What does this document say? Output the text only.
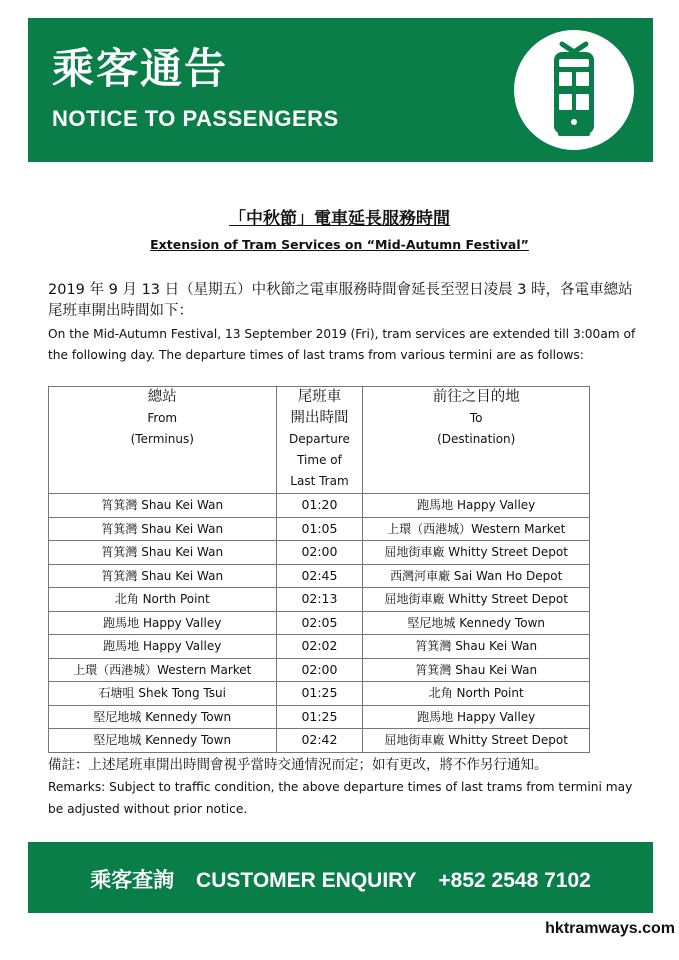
乘客通告
NOTICE TO PASSENGERS
「中秋節」電車延長服務時間
Extension of Tram Services on “Mid-Autumn Festival”
2019 年 9 月 13 日（星期五）中秋節之電車服務時間會延長至翌日凌晨 3 時，各電車總站尾班車開出時間如下：
On the Mid-Autumn Festival, 13 September 2019 (Fri), tram services are extended till 3:00am of the following day. The departure times of last trams from various termini are as follows:
總站
From
(Terminus)	尾班車
開出時間
Departure
Time of
Last Tram	前往之目的地
To
(Destination)

筲箕灣 Shau Kei Wan	01:20	跑馬地 Happy Valley
筲箕灣 Shau Kei Wan	01:05	上環（西港城）Western Market
筲箕灣 Shau Kei Wan	02:00	屈地街車廠 Whitty Street Depot
筲箕灣 Shau Kei Wan	02:45	西灣河車廠 Sai Wan Ho Depot
北角 North Point	02:13	屈地街車廠 Whitty Street Depot
跑馬地 Happy Valley	02:05	堅尼地城 Kennedy Town
跑馬地 Happy Valley	02:02	筲箕灣 Shau Kei Wan
上環（西港城）Western Market	02:00	筲箕灣 Shau Kei Wan
石塘咀 Shek Tong Tsui	01:25	北角 North Point
堅尼地城 Kennedy Town	01:25	跑馬地 Happy Valley
堅尼地城 Kennedy Town	02:42	屈地街車廠 Whitty Street Depot
備註：上述尾班車開出時間會視乎當時交通情況而定；如有更改，將不作另行通知。
Remarks: Subject to traffic condition, the above departure times of last trams from termini may be adjusted without prior notice.
乘客查詢 CUSTOMER ENQUIRY +852 2548 7102
hktramways.com
